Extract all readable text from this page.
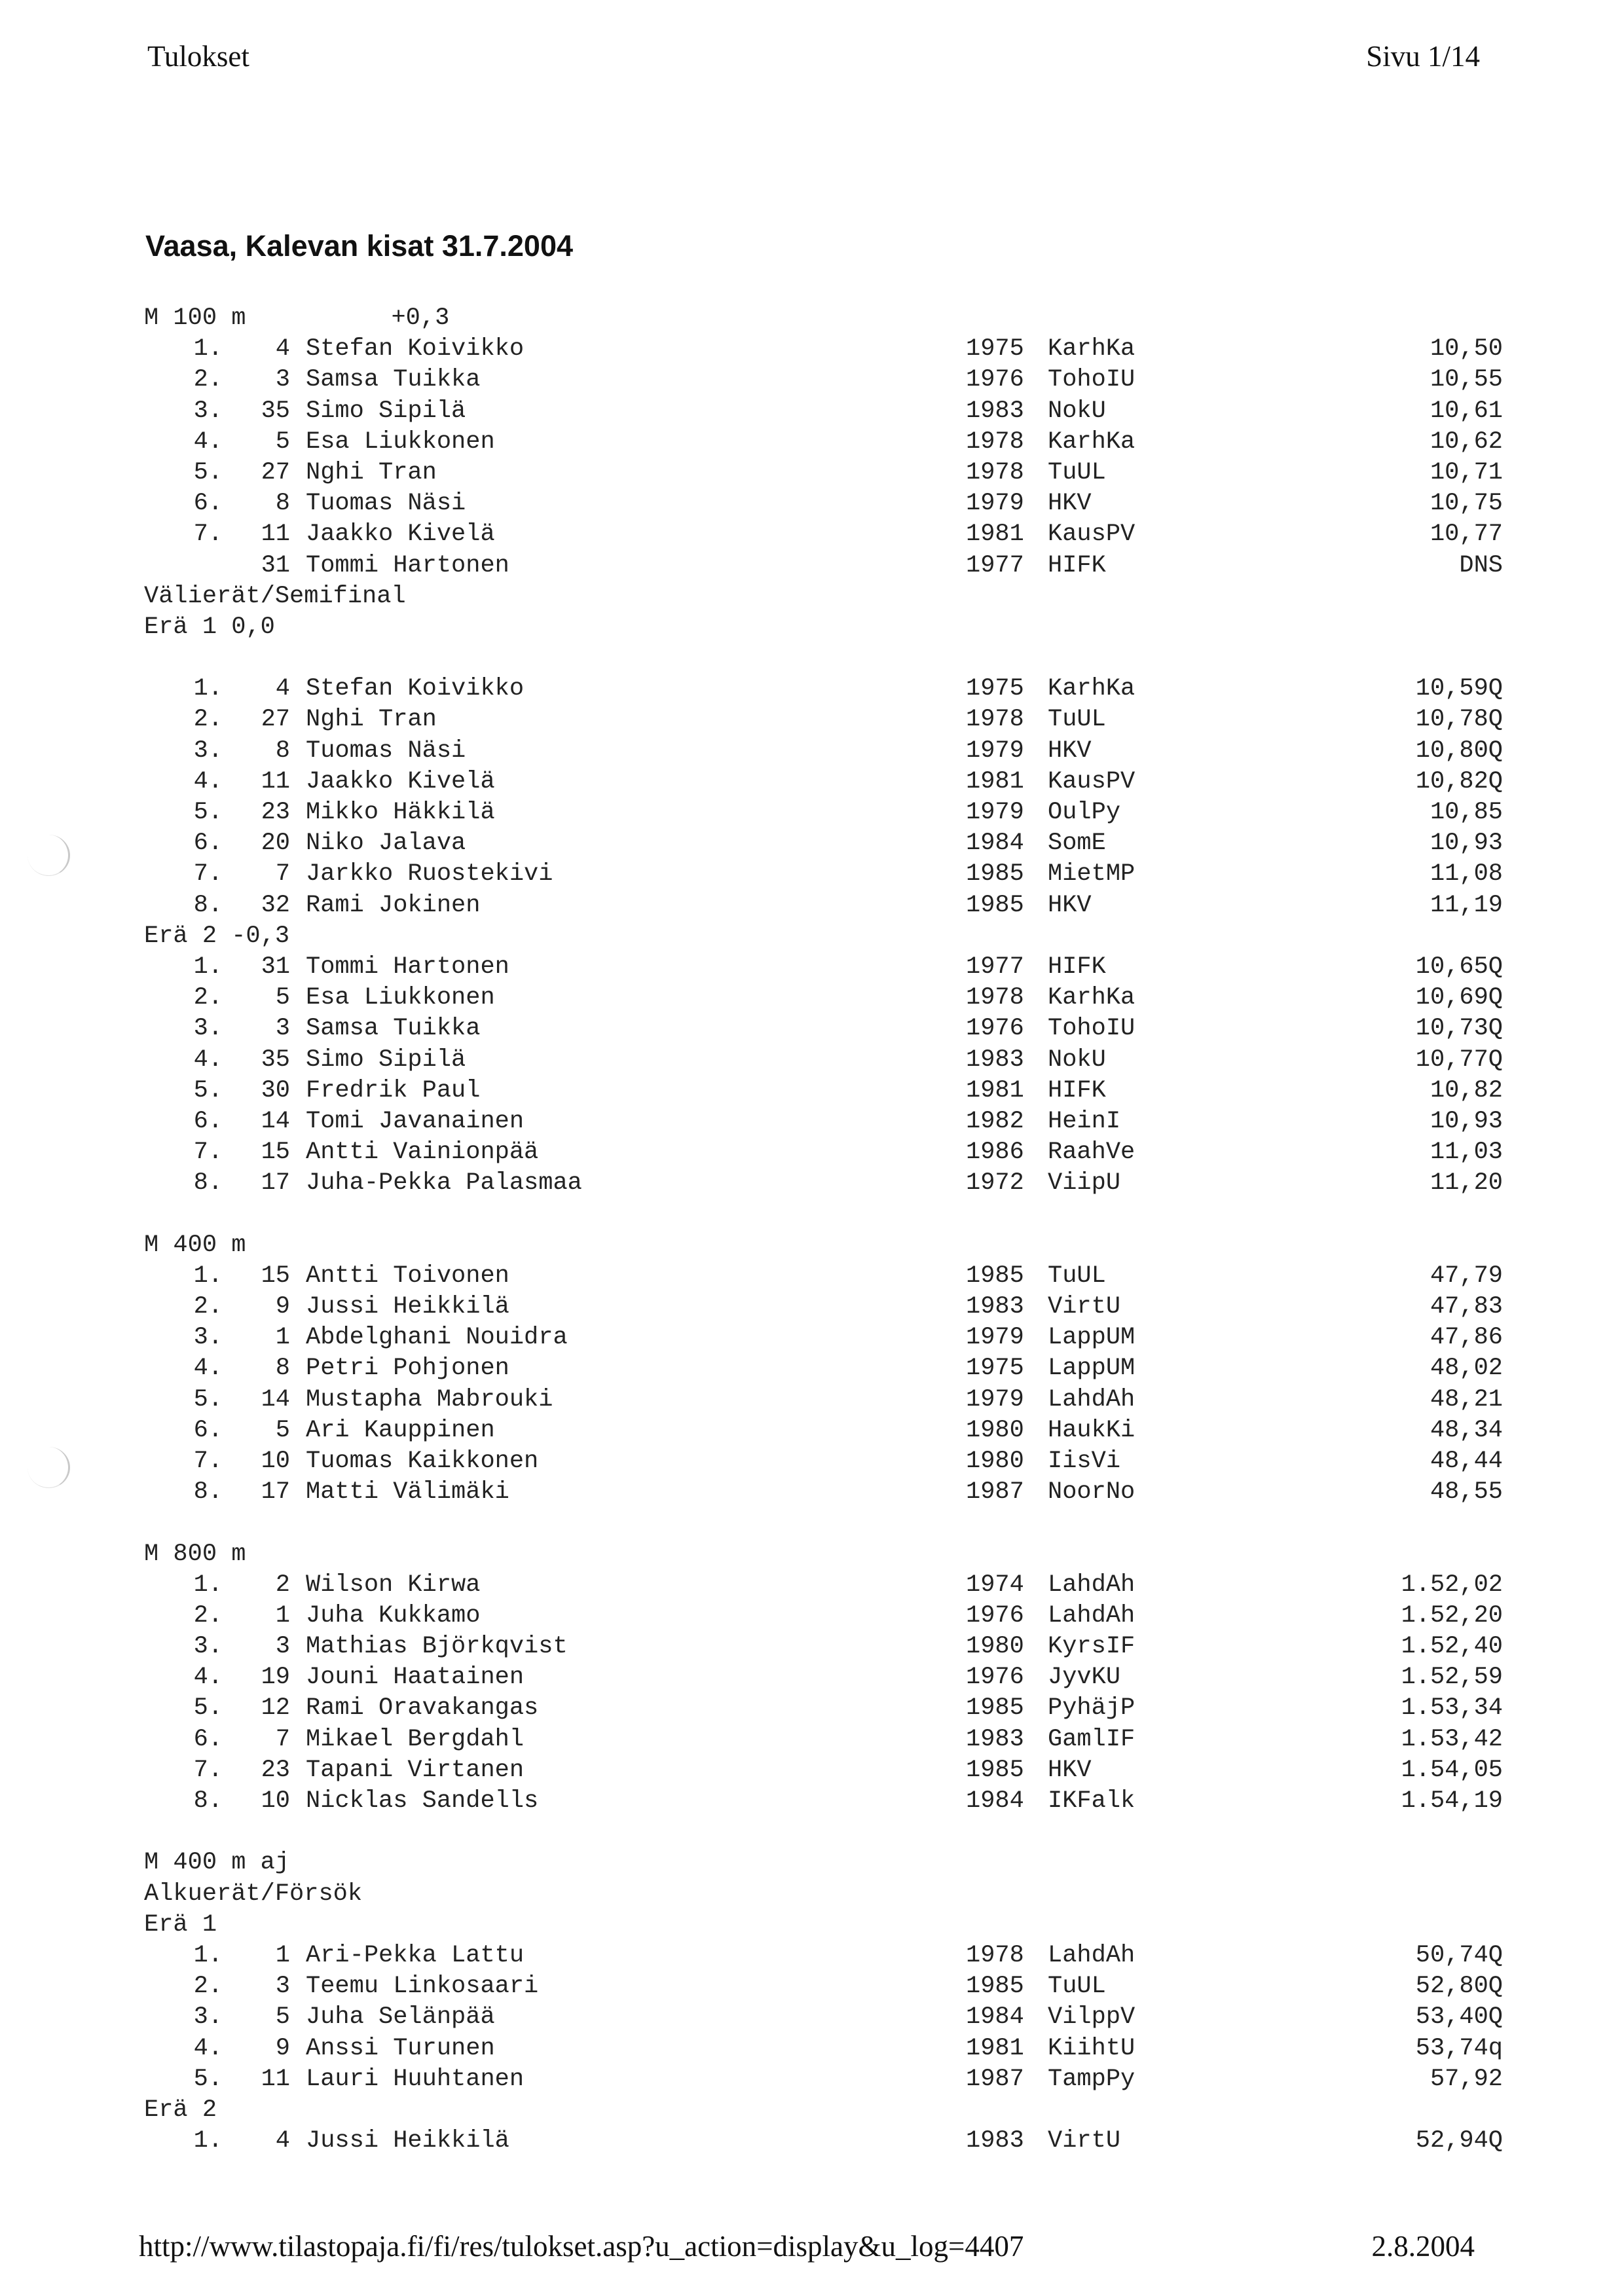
Tulokset	Sivu 1/14
Vaasa, Kalevan kisat 31.7.2004
M 100 m          +0,3
1.	4 Stefan Koivikko	1975 KarhKa	10,50
2.	3 Samsa Tuikka	1976 TohoIU	10,55
3.	35 Simo Sipilä	1983 NokU	10,61
4.	5 Esa Liukkonen	1978 KarhKa	10,62
5.	27 Nghi Tran	1978 TuUL	10,71
6.	8 Tuomas Näsi	1979 HKV	10,75
7.	11 Jaakko Kivelä	1981 KausPV	10,77
31 Tommi Hartonen	1977 HIFK	DNS
Välierät/Semifinal
Erä 1 0,0
1.	4 Stefan Koivikko	1975 KarhKa	10,59Q
2.	27 Nghi Tran	1978 TuUL	10,78Q
3.	8 Tuomas Näsi	1979 HKV	10,80Q
4.	11 Jaakko Kivelä	1981 KausPV	10,82Q
5.	23 Mikko Häkkilä	1979 OulPy	10,85
6.	20 Niko Jalava	1984 SomE	10,93
7.	7 Jarkko Ruostekivi	1985 MietMP	11,08
8.	32 Rami Jokinen	1985 HKV	11,19
Erä 2 -0,3
1.	31 Tommi Hartonen	1977 HIFK	10,65Q
2.	5 Esa Liukkonen	1978 KarhKa	10,69Q
3.	3 Samsa Tuikka	1976 TohoIU	10,73Q
4.	35 Simo Sipilä	1983 NokU	10,77Q
5.	30 Fredrik Paul	1981 HIFK	10,82
6.	14 Tomi Javanainen	1982 HeinI	10,93
7.	15 Antti Vainionpää	1986 RaahVe	11,03
8.	17 Juha-Pekka Palasmaa	1972 ViipU	11,20
M 400 m
1.	15 Antti Toivonen	1985 TuUL	47,79
2.	9 Jussi Heikkilä	1983 VirtU	47,83
3.	1 Abdelghani Nouidra	1979 LappUM	47,86
4.	8 Petri Pohjonen	1975 LappUM	48,02
5.	14 Mustapha Mabrouki	1979 LahdAh	48,21
6.	5 Ari Kauppinen	1980 HaukKi	48,34
7.	10 Tuomas Kaikkonen	1980 IisVi	48,44
8.	17 Matti Välimäki	1987 NoorNo	48,55
M 800 m
1.	2 Wilson Kirwa	1974 LahdAh	1.52,02
2.	1 Juha Kukkamo	1976 LahdAh	1.52,20
3.	3 Mathias Björkqvist	1980 KyrsIF	1.52,40
4.	19 Jouni Haatainen	1976 JyvKU	1.52,59
5.	12 Rami Oravakangas	1985 PyhäjP	1.53,34
6.	7 Mikael Bergdahl	1983 GamlIF	1.53,42
7.	23 Tapani Virtanen	1985 HKV	1.54,05
8.	10 Nicklas Sandells	1984 IKFalk	1.54,19
M 400 m aj
Alkuerät/Försök
Erä 1
1.	1 Ari-Pekka Lattu	1978 LahdAh	50,74Q
2.	3 Teemu Linkosaari	1985 TuUL	52,80Q
3.	5 Juha Selänpää	1984 VilppV	53,40Q
4.	9 Anssi Turunen	1981 KiihtU	53,74q
5.	11 Lauri Huuhtanen	1987 TampPy	57,92
Erä 2
1.	4 Jussi Heikkilä	1983 VirtU	52,94Q
http://www.tilastopaja.fi/fi/res/tulokset.asp?u_action=display&u_log=4407	2.8.2004
